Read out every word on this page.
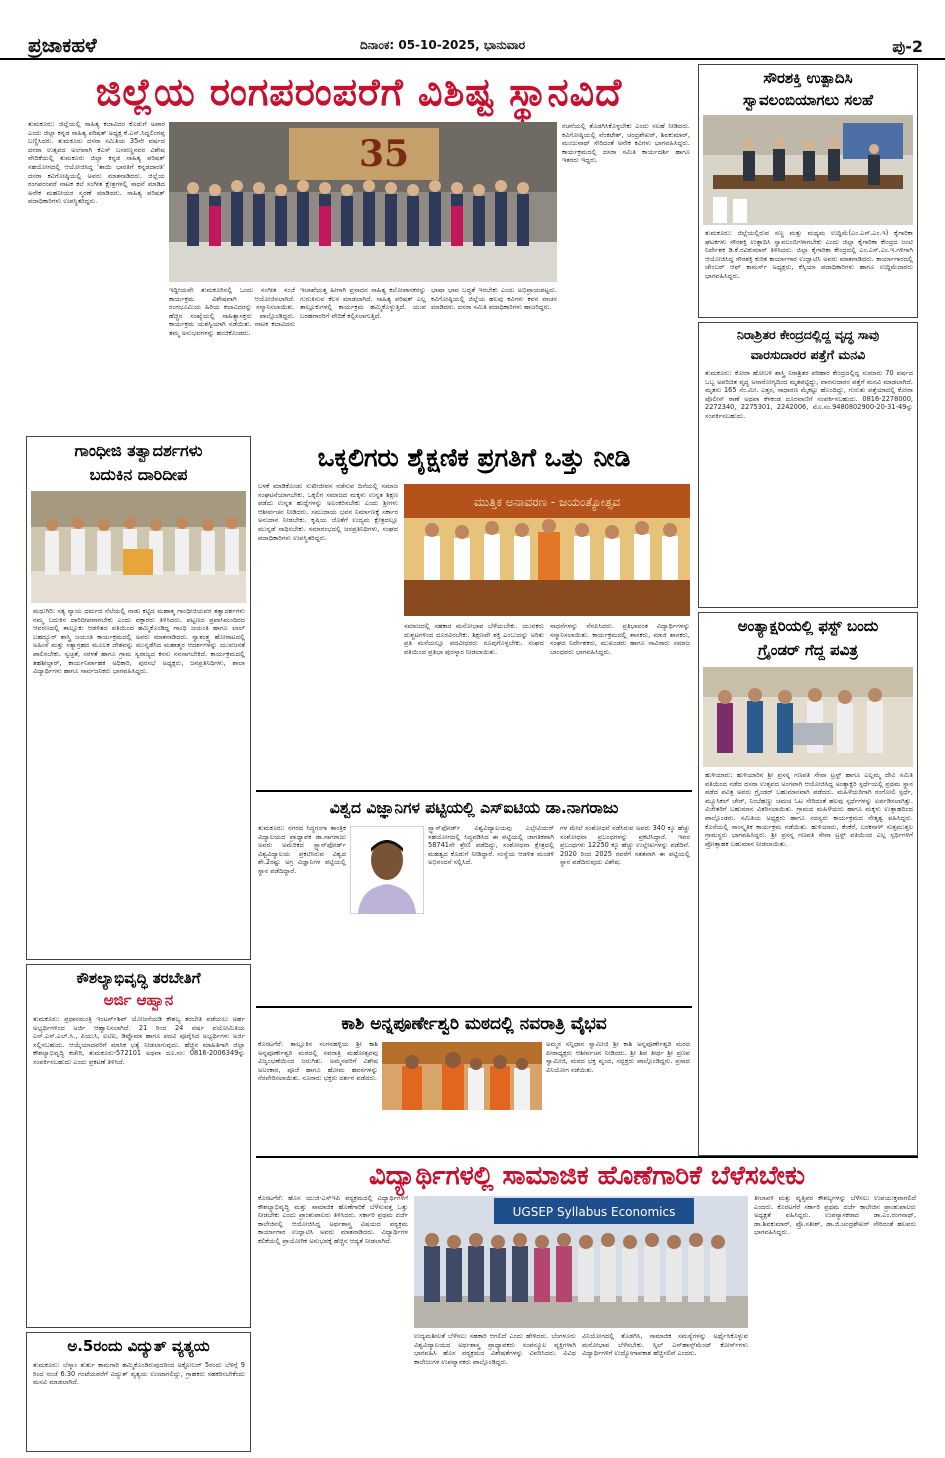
ಪ್ರಜಾಕಹಳೆ	ದಿನಾಂಕ: 05-10-2025, ಭಾನುವಾರ	ಪು-2
ಜಿಲ್ಲೆಯ ರಂಗಪರಂಪರೆಗೆ ವಿಶಿಷ್ಟ ಸ್ಥಾನವಿದೆ
ತುಮಕೂರು: ಜಿಲ್ಲೆಯಲ್ಲಿ ಸಾಹಿತ್ಯ ಕಲಾವಿದರ ಕೊಡುಗೆ ಅಪಾರ ಎಂದು ಜಿಲ್ಲಾ ಕನ್ನಡ ಸಾಹಿತ್ಯ ಪರಿಷತ್ ಅಧ್ಯಕ್ಷ ಕೆ.ಎಸ್.ಸಿದ್ದಲಿಂಗಪ್ಪ ಬಣ್ಣಿಸಿದರು. ತುಮಕೂರು ದಸರಾ ಸಮಿತಿಯ 35ನೇ ವರ್ಷದ ದಸರಾ ಉತ್ಸವದ ಅಂಗವಾಗಿ ಕೆ‌ಎಸ್ ಬಸವಣ್ಣನವರ ವಿಶೇಷ ವೇದಿಕೆಯಲ್ಲಿ ತುಮಕೂರು ಜಿಲ್ಲಾ ಕನ್ನಡ ಸಾಹಿತ್ಯ ಪರಿಷತ್ ಸಹಯೋಗದಲ್ಲಿ ಆಯೋಜಿಸಿದ್ದ 'ತಾಯಿ ಭಾರತಿಗೆ ಕನ್ನಡದಾರತಿ' ದಸರಾ ಕವಿಗೋಷ್ಠಿಯಲ್ಲಿ ಅವರು ಮಾತನಾಡಿದರು. ಜಿಲ್ಲೆಯ ರಂಗಪರಂಪರೆ ನಾಟಕ ಕಲೆ ಸಂಗೀತ ಕ್ಷೇತ್ರಗಳಲ್ಲಿ ಸಾಧನೆ ಮಾಡಿದ ಅನೇಕ ಮಹನೀಯರ ಸ್ಮರಣೆ ಮಾಡಿದರು. ಸಾಹಿತ್ಯ ಪರಿಷತ್ ಪದಾಧಿಕಾರಿಗಳು ಉಪಸ್ಥಿತರಿದ್ದರು.
35
ಇದ್ದೀಯವೇ ತುಮಕೂರಿನಲ್ಲಿ ಒಂದು ಸಂಗೀತ ಸಂಜೆ ಕಾರ್ಯಕ್ರಮ ವಿಶೇಷವಾಗಿ ಆಯೋಜಿಸಲಾಗಿದೆ. ರಂಗಭೂಮಿಯ ಹಿರಿಯ ಕಲಾವಿದರನ್ನು ಸನ್ಮಾನಿಸಲಾಯಿತು. ಹೆಚ್ಚಿನ ಸಂಖ್ಯೆಯಲ್ಲಿ ಸಾಹಿತ್ಯಾಸಕ್ತರು ಪಾಲ್ಗೊಂಡಿದ್ದರು. ಕಾರ್ಯಕ್ರಮ ಯಶಸ್ವಿಯಾಗಿ ನಡೆಯಿತು. ನಾಟಕ ಕಲಾವಿದರು ತಮ್ಮ ಅನುಭವಗಳನ್ನು ಹಂಚಿಕೊಂಡರು.
ಇಲಾಖೆಯತ್ತ ಹೀಗಾಗಿ ಪ್ರಸಾದನ ಸಾಹಿತ್ಯ ಕಲೋಪಾಸಕರನ್ನು ಗುರುತಿಸುವ ಕೆಲಸ ಮಾಡಲಾಗಿದೆ. ಸಾಹಿತ್ಯ ಪರಿಷತ್ ಎಲ್ಲ ತಾಲ್ಲೂಕುಗಳಲ್ಲಿ ಕಾರ್ಯಕ್ರಮ ಹಮ್ಮಿಕೊಳ್ಳುತ್ತಿದೆ. ಯುವ ಬರಹಗಾರರಿಗೆ ವೇದಿಕೆ ಕಲ್ಪಿಸಲಾಗುತ್ತಿದೆ.
ಭಾಷಾ ಭಾವ ಬದ್ಧತೆ ಇರಬೇಕು ಎಂದು ಅಭಿಪ್ರಾಯಪಟ್ಟರು. ಕವಿಗೋಷ್ಠಿಯಲ್ಲಿ ಜಿಲ್ಲೆಯ ಹಲವು ಕವಿಗಳು ಕವನ ವಾಚನ ಮಾಡಿದರು. ದಸರಾ ಸಮಿತಿ ಪದಾಧಿಕಾರಿಗಳು ಹಾಜರಿದ್ದರು.
ರಚನೆಯಲ್ಲಿ ತೊಡಗಿಸಿಕೊಳ್ಳಬೇಕು ಎಂದು ಸಲಹೆ ನೀಡಿದರು. ಕವಿಗೋಷ್ಠಿಯಲ್ಲಿ ವೆಂಕಟೇಶ್, ಚಂದ್ರಶೇಖರ್, ಶಿವಕುಮಾರ್, ಮಂಜುನಾಥ್ ಸೇರಿದಂತೆ ಅನೇಕ ಕವಿಗಳು ಭಾಗವಹಿಸಿದ್ದರು. ಕಾರ್ಯಕ್ರಮದಲ್ಲಿ ದಸರಾ ಸಮಿತಿ ಕಾರ್ಯದರ್ಶಿ ಹಾಗೂ ಇತರರು ಇದ್ದರು.
ಸೌರಶಕ್ತಿ ಉತ್ಪಾದಿಸಿ
ಸ್ವಾವಲಂಬಿಯಾಗಲು ಸಲಹೆ
ತುಮಕೂರು: ಜಿಲ್ಲೆಯಲ್ಲಿರುವ ಸಣ್ಣ ಮತ್ತು ಮಧ್ಯಮ ಉದ್ದಿಮೆ(ಎಂ.ಎಸ್.ಎಂ.ಇ) ಕೈಗಾರಿಕಾ ಘಟಕಗಳು ಸೌರಶಕ್ತಿ ಉತ್ಪಾದಿಸಿ ಸ್ವಾವಲಂಬಿಗಳಾಗಬೇಕು ಎಂದು ಜಿಲ್ಲಾ ಕೈಗಾರಿಕಾ ಕೇಂದ್ರದ ಜಂಟಿ ನಿರ್ದೇಶಕ ಡಿ.ಕೆ.ರವಿಕುಮಾರ್ ತಿಳಿಸಿದರು. ಜಿಲ್ಲಾ ಕೈಗಾರಿಕಾ ಕೇಂದ್ರದಲ್ಲಿ ಎಂ.ಎಸ್.ಎಂ.ಇ.ಗಳಿಗಾಗಿ ಆಯೋಜಿಸಿದ್ದ ಸೌರಶಕ್ತಿ ಕುರಿತ ಕಾರ್ಯಾಗಾರ ಉದ್ಘಾಟಿಸಿ ಅವರು ಮಾತನಾಡಿದರು. ಕಾರ್ಯಾಗಾರದಲ್ಲಿ ಚೇಂಬರ್ ಆಫ್ ಕಾಮರ್ಸ್ ಅಧ್ಯಕ್ಷರು, ಕೆಸ್ಸಿಯಾ ಪದಾಧಿಕಾರಿಗಳು ಹಾಗೂ ಉದ್ದಿಮೆದಾರರು ಭಾಗವಹಿಸಿದ್ದರು.
ನಿರಾಶ್ರಿತರ ಕೇಂದ್ರದಲ್ಲಿದ್ದ ವೃದ್ಧ ಸಾವು
ವಾರಸುದಾರರ ಪತ್ತೆಗೆ ಮನವಿ
ತುಮಕೂರು: ಕೋರಾ ಹೋಬಳಿ ಶಾಸ್ತ್ರಿ ನಿರಾಶ್ರಿತರ ಪರಿಹಾರ ಕೇಂದ್ರದಲ್ಲಿದ್ದ ಸುಮಾರು 70 ವರ್ಷದ ಒಬ್ಬ ಅಪರಿಚಿತ ವೃದ್ಧ ಅನಾರೋಗ್ಯದಿಂದ ಮೃತಪಟ್ಟಿದ್ದು, ವಾರಸುದಾರರ ಪತ್ತೆಗೆ ಮನವಿ ಮಾಡಲಾಗಿದೆ. ಮೃತನು 165 ಸೆಂ.ಮೀ. ಎತ್ತರ, ಸಾಧಾರಣ ಮೈಕಟ್ಟು ಹೊಂದಿದ್ದು, ಗುರುತು ಪತ್ತೆಯಾದಲ್ಲಿ ಕೋರಾ ಪೊಲೀಸ್ ಠಾಣೆ ಅಥವಾ ಕೆಳಕಂಡ ದೂರವಾಣಿಗೆ ಸಂಪರ್ಕಿಸಬಹುದು. 0816-2278000, 2272340, 2275301, 2242006, ಮೊ.ಸಂ.9480802900-20-31-49ನ್ನು ಸಂಪರ್ಕಿಸಬಹುದು.
ಗಾಂಧೀಜಿ ತತ್ವಾದರ್ಶಗಳು
ಬದುಕಿನ ದಾರಿದೀಪ
ಮಧುಗಿರಿ: ಸತ್ಯ ನ್ಯಾಯ ಧರ್ಮದ ನೆಲೆಯಲ್ಲಿ ನಾಡು ಕಟ್ಟಿದ ಮಹಾತ್ಮ ಗಾಂಧೀಜಿಯವರ ತತ್ವಾದರ್ಶಗಳು ನಮ್ಮ ಬದುಕಿನ ದಾರಿದೀಪವಾಗಬೇಕು ಎಂದು ವಕ್ತಾರರು ತಿಳಿಸಿದರು. ಪಟ್ಟಣದ ಪ್ರವಾಸಿಮಂದಿರದ ಆವರಣದಲ್ಲಿ ತಾಲ್ಲೂಕು ಆಡಳಿತದ ವತಿಯಿಂದ ಹಮ್ಮಿಕೊಂಡಿದ್ದ ಗಾಂಧಿ ಜಯಂತಿ ಹಾಗೂ ಲಾಲ್ ಬಹದ್ದೂರ್ ಶಾಸ್ತ್ರಿ ಜಯಂತಿ ಕಾರ್ಯಕ್ರಮದಲ್ಲಿ ಅವರು ಮಾತನಾಡಿದರು. ಸ್ವಾತಂತ್ರ್ಯ ಹೋರಾಟದಲ್ಲಿ ಅಹಿಂಸೆ ಮತ್ತು ಸತ್ಯಾಗ್ರಹದ ಮೂಲಕ ದೇಶವನ್ನು ಮುನ್ನಡೆಸಿದ ಮಹಾತ್ಮರ ಆದರ್ಶಗಳನ್ನು ಯುವಜನತೆ ಪಾಲಿಸಬೇಕು. ಸ್ವಚ್ಛತೆ, ಸರಳತೆ ಹಾಗೂ ಗ್ರಾಮ ಸ್ವರಾಜ್ಯದ ಕನಸು ನನಸಾಗಬೇಕಿದೆ. ಕಾರ್ಯಕ್ರಮದಲ್ಲಿ ತಹಶೀಲ್ದಾರ್, ಕಾರ್ಯನಿರ್ವಾಹಕ ಅಧಿಕಾರಿ, ಪುರಸಭೆ ಅಧ್ಯಕ್ಷರು, ಜನಪ್ರತಿನಿಧಿಗಳು, ಶಾಲಾ ವಿದ್ಯಾರ್ಥಿಗಳು ಹಾಗೂ ಸಾರ್ವಜನಿಕರು ಭಾಗವಹಿಸಿದ್ದರು.
ಒಕ್ಕಲಿಗರು ಶೈಕ್ಷಣಿಕ ಪ್ರಗತಿಗೆ ಒತ್ತು ನೀಡಿ
ಬಳಕೆ ಮಾಡಿಕೊಂಡು ಸುಖೀಜೀವನ ನಡೆಸುವ ದಿಸೆಯಲ್ಲಿ ಸಮಾಜ ಸಂಘಟನೆಯಾಗಬೇಕು. ಒಕ್ಕಲಿಗ ಸಮಾಜದ ಮಕ್ಕಳು ಉನ್ನತ ಶಿಕ್ಷಣ ಪಡೆದು ಉನ್ನತ ಹುದ್ದೆಗಳನ್ನು ಅಲಂಕರಿಸಬೇಕು ಎಂದು ಶ್ರೀಗಳು ಆಶೀರ್ವಚನ ನೀಡಿದರು. ಸಮುದಾಯ ಭವನ ನಿರ್ಮಾಣಕ್ಕೆ ಸರ್ಕಾರ ಅನುದಾನ ನೀಡಬೇಕು. ಕೃಷಿಯ ಜೊತೆಗೆ ಉದ್ಯಮ ಕ್ಷೇತ್ರದಲ್ಲೂ ಮುನ್ನಡೆ ಸಾಧಿಸಬೇಕು. ಸಮಾರಂಭದಲ್ಲಿ ಜನಪ್ರತಿನಿಧಿಗಳು, ಸಂಘದ ಪದಾಧಿಕಾರಿಗಳು ಉಪಸ್ಥಿತರಿದ್ದರು.
ಮುತ್ತಿಕ ಅನಾವರಣ - ಜಯಂತ್ಯೋತ್ಸವ
ಸಮಾಜದಲ್ಲಿ ಸಹಕಾರ ಮನೋಭಾವ ಬೆಳೆಯಬೇಕು. ಯುವಕರು ದುಶ್ಚಟಗಳಿಂದ ದೂರವಿರಬೇಕು. ಶಿಕ್ಷಣವೇ ಶಕ್ತಿ ಎಂಬುದನ್ನು ಅರಿತು ಪ್ರತಿ ಮನೆಯಲ್ಲೂ ಪದವೀಧರರು ರೂಪುಗೊಳ್ಳಬೇಕು. ಸಂಘದ ವತಿಯಿಂದ ಪ್ರತಿಭಾ ಪುರಸ್ಕಾರ ನೀಡಲಾಯಿತು.
ಸಾಧನೆಗಳನ್ನು ನೆನಪಿಸಿದರು. ಪ್ರತಿಭಾವಂತ ವಿದ್ಯಾರ್ಥಿಗಳನ್ನು ಸನ್ಮಾನಿಸಲಾಯಿತು. ಕಾರ್ಯಕ್ರಮದಲ್ಲಿ ಶಾಸಕರು, ಮಾಜಿ ಶಾಸಕರು, ಸಂಘದ ನಿರ್ದೇಶಕರು, ಮುಖಂಡರು ಹಾಗೂ ಸಾವಿರಾರು ಸಮಾಜ ಬಾಂಧವರು ಭಾಗವಹಿಸಿದ್ದರು.
ಅಂತ್ಯಾಕ್ಷರಿಯಲ್ಲಿ ಫಸ್ಟ್ ಬಂದು
ಗ್ರೈಂಡರ್ ಗೆದ್ದ ಪವಿತ್ರ
ಹುಳಿಯಾರು: ಹುಳಿಯಾರಿನ ಶ್ರೀ ಪ್ರಸನ್ನ ಗಣಪತಿ ಸೇವಾ ಟ್ರಸ್ಟ್ ಹಾಗೂ ಎಲ್ಲಮ್ಮ ದೇವಿ ಸಮಿತಿ ವತಿಯಿಂದ ನಡೆದ ದಸರಾ ಉತ್ಸವದ ಅಂಗವಾಗಿ ಆಯೋಜಿಸಿದ್ದ ಅಂತ್ಯಾಕ್ಷರಿ ಸ್ಪರ್ಧೆಯಲ್ಲಿ ಪ್ರಥಮ ಸ್ಥಾನ ಪಡೆದ ಪವಿತ್ರ ಅವರು ಗ್ರೈಂಡರ್ ಬಹುಮಾನವಾಗಿ ಪಡೆದರು. ಮಹಿಳೆಯರಿಗಾಗಿ ರಂಗೋಲಿ ಸ್ಪರ್ಧೆ, ಮ್ಯೂಸಿಕಲ್ ಚೇರ್, ನಿಂಬೆಹಣ್ಣು ಚಮಚ ಓಟ ಸೇರಿದಂತೆ ಹಲವು ಸ್ಪರ್ಧೆಗಳನ್ನು ಏರ್ಪಡಿಸಲಾಗಿತ್ತು. ವಿಜೇತರಿಗೆ ಬಹುಮಾನ ವಿತರಿಸಲಾಯಿತು. ಗ್ರಾಮದ ಮಹಿಳೆಯರು ಹಾಗೂ ಮಕ್ಕಳು ಉತ್ಸಾಹದಿಂದ ಪಾಲ್ಗೊಂಡರು. ಸಮಿತಿಯ ಅಧ್ಯಕ್ಷರು ಹಾಗೂ ಸದಸ್ಯರು ಕಾರ್ಯಕ್ರಮದ ನೇತೃತ್ವ ವಹಿಸಿದ್ದರು. ಕೊನೆಯಲ್ಲಿ ಸಾಂಸ್ಕೃತಿಕ ಕಾರ್ಯಕ್ರಮ ನಡೆಯಿತು. ಹುಳಿಯಾರು, ಕೆಂಕೆರೆ, ಬರಕನಾಳ್ ಸುತ್ತಮುತ್ತಲ ಗ್ರಾಮಸ್ಥರು ಭಾಗವಹಿಸಿದ್ದರು. ಶ್ರೀ ಪ್ರಸನ್ನ ಗಣಪತಿ ಸೇವಾ ಟ್ರಸ್ಟ್ ವತಿಯಿಂದ ಎಲ್ಲ ಸ್ಪರ್ಧಿಗಳಿಗೆ ಪ್ರೋತ್ಸಾಹಕ ಬಹುಮಾನ ನೀಡಲಾಯಿತು.
ವಿಶ್ವದ ವಿಜ್ಞಾನಿಗಳ ಪಟ್ಟಿಯಲ್ಲಿ ಎಸ್‌ಐಟಿಯ ಡಾ.ನಾಗರಾಜು
ತುಮಕೂರು: ನಗರದ ಸಿದ್ಧಗಂಗಾ ತಾಂತ್ರಿಕ ವಿದ್ಯಾಲಯದ ಪ್ರಾಧ್ಯಾಪಕ ಡಾ.ನಾಗರಾಜು ಅವರು ಅಮೆರಿಕದ ಸ್ಟ್ಯಾನ್‌ಫೋರ್ಡ್ ವಿಶ್ವವಿದ್ಯಾಲಯ ಪ್ರಕಟಿಸಿರುವ ವಿಶ್ವದ ಶೇ.2ರಷ್ಟು ಅಗ್ರ ವಿಜ್ಞಾನಿಗಳ ಪಟ್ಟಿಯಲ್ಲಿ ಸ್ಥಾನ ಪಡೆದಿದ್ದಾರೆ.
ಸ್ಟ್ಯಾನ್‌ಫೋರ್ಡ್ ವಿಶ್ವವಿದ್ಯಾಲಯವು ಎಲ್ಸೇವಿಯರ್ ಸಹಯೋಗದಲ್ಲಿ ಸಿದ್ಧಪಡಿಸಿದ ಈ ಪಟ್ಟಿಯಲ್ಲಿ ಜಾಗತಿಕವಾಗಿ 58741ನೇ ಶ್ರೇಣಿ ಪಡೆದಿದ್ದು, ಸಂಶೋಧನಾ ಕ್ಷೇತ್ರದಲ್ಲಿ ಮಹತ್ವದ ಕೊಡುಗೆ ನೀಡಿದ್ದಾರೆ. ಸಂಸ್ಥೆಯ ಆಡಳಿತ ಮಂಡಳಿ ಅಭಿನಂದನೆ ಸಲ್ಲಿಸಿದೆ.
ಗಳ ಮೇಲೆ ಸಂಶೋಧನೆ ನಡೆಸಿರುವ ಅವರು 340 ಕ್ಕೂ ಹೆಚ್ಚು ಸಂಶೋಧನಾ ಪ್ರಬಂಧಗಳನ್ನು ಪ್ರಕಟಿಸಿದ್ದಾರೆ. ಇವರ ಪ್ರಬಂಧಗಳು 12250 ಕ್ಕೂ ಹೆಚ್ಚು ಉಲ್ಲೇಖಗಳನ್ನು ಪಡೆದಿವೆ. 2020 ರಿಂದ 2025 ರವರೆಗೆ ಸತತವಾಗಿ ಈ ಪಟ್ಟಿಯಲ್ಲಿ ಸ್ಥಾನ ಪಡೆದಿರುವುದು ವಿಶೇಷ.
ಕೌಶಲ್ಯಾಭಿವೃದ್ಧಿ ತರಬೇತಿಗೆ
ಅರ್ಜಿ ಆಹ್ವಾನ
ತುಮಕೂರು: ಪ್ರಧಾನಮಂತ್ರಿ ಇಂಟರ್ನ್‌ಶಿಪ್ ಯೋಜನೆಯಡಿ ಕೌಶಲ್ಯ ತರಬೇತಿ ಪಡೆಯಲು ಅರ್ಹ ಅಭ್ಯರ್ಥಿಗಳಿಂದ ಅರ್ಜಿ ಆಹ್ವಾನಿಸಲಾಗಿದೆ. 21 ರಿಂದ 24 ವರ್ಷ ವಯೋಮಿತಿಯ ಎಸ್.ಎಸ್.ಎಲ್.ಸಿ., ಪಿಯುಸಿ, ಐಟಿಐ, ಡಿಪ್ಲೊಮಾ ಹಾಗೂ ಪದವಿ ಪೂರೈಸಿದ ಅಭ್ಯರ್ಥಿಗಳು ಅರ್ಜಿ ಸಲ್ಲಿಸಬಹುದು. ಆಯ್ಕೆಯಾದವರಿಗೆ ಮಾಸಿಕ ಭತ್ಯೆ ನೀಡಲಾಗುವುದು. ಹೆಚ್ಚಿನ ಮಾಹಿತಿಗಾಗಿ ಜಿಲ್ಲಾ ಕೌಶಲ್ಯಾಭಿವೃದ್ಧಿ ಕಚೇರಿ, ತುಮಕೂರು-572101 ಅಥವಾ ದೂ.ಸಂ: 0816-2006349ನ್ನು ಸಂಪರ್ಕಿಸಬಹುದು ಎಂದು ಪ್ರಕಟಣೆ ತಿಳಿಸಿದೆ.
ಕಾಶಿ ಅನ್ನಪೂರ್ಣೇಶ್ವರಿ ಮಠದಲ್ಲಿ ನವರಾತ್ರಿ ವೈಭವ
ಕೊರಟಗೆರೆ: ತಾಲ್ಲೂಕಿನ ಸಂಗನಹಳ್ಳಿಯ ಶ್ರೀ ಕಾಶಿ ಅನ್ನಪೂರ್ಣೇಶ್ವರಿ ಮಠದಲ್ಲಿ ನವರಾತ್ರಿ ಮಹೋತ್ಸವವು ವಿಜೃಂಭಣೆಯಿಂದ ಜರುಗಿತು. ಅಮ್ಮನವರಿಗೆ ವಿಶೇಷ ಅಲಂಕಾರ, ಪೂಜೆ ಹಾಗೂ ಹೋಮ ಹವನಗಳನ್ನು ನೆರವೇರಿಸಲಾಯಿತು. ನೂರಾರು ಭಕ್ತರು ದರ್ಶನ ಪಡೆದರು.
ಅಮ್ಮನ ಸನ್ನಿಧಾನ ಸ್ವಾಮೀಜಿ ಶ್ರೀ ಕಾಶಿ ಅನ್ನಪೂರ್ಣೇಶ್ವರಿ ಮಠದ ಪೀಠಾಧ್ಯಕ್ಷರು ಆಶೀರ್ವಚನ ನೀಡಿದರು. ಶ್ರೀ ಶಿವ ತೀರ್ಥ ಶ್ರೀ ಪ್ರಣವ ಸ್ವಾಮೀಜಿ, ಮಠದ ಭಕ್ತ ವೃಂದ, ಸದ್ಭಕ್ತರು ಪಾಲ್ಗೊಂಡಿದ್ದರು. ಪ್ರಸಾದ ವಿನಿಯೋಗ ನಡೆಯಿತು.
ವಿದ್ಯಾರ್ಥಿಗಳಲ್ಲಿ ಸಾಮಾಜಿಕ ಹೊಣೆಗಾರಿಕೆ ಬೆಳೆಸಬೇಕು
ಕೊರಟಗೆರೆ: ಹೊಸ ಯುಜಿ-ಎಸ್‌ಇಪಿ ಪಠ್ಯಕ್ರಮದಲ್ಲಿ ವಿದ್ಯಾರ್ಥಿಗಳಿಗೆ ಕೌಶಲ್ಯಾಭಿವೃದ್ಧಿ ಮತ್ತು ಸಾಮಾಜಿಕ ಹೊಣೆಗಾರಿಕೆ ಬೆಳೆಸುವತ್ತ ಒತ್ತು ನೀಡಬೇಕು ಎಂದು ಪ್ರಾಂಶುಪಾಲರು ತಿಳಿಸಿದರು. ಸರ್ಕಾರಿ ಪ್ರಥಮ ದರ್ಜೆ ಕಾಲೇಜಿನಲ್ಲಿ ಆಯೋಜಿಸಿದ್ದ ಅರ್ಥಶಾಸ್ತ್ರ ವಿಷಯದ ಪಠ್ಯಕ್ರಮ ಕಾರ್ಯಾಗಾರ ಉದ್ಘಾಟಿಸಿ ಅವರು ಮಾತನಾಡಿದರು. ವಿದ್ಯಾರ್ಥಿಗಳ ಕಲಿಕೆಯಲ್ಲಿ ಪ್ರಾಯೋಗಿಕ ಅನುಭವಕ್ಕೆ ಹೆಚ್ಚಿನ ಆದ್ಯತೆ ನೀಡಲಾಗಿದೆ.
UGSEP Syllabus Economics
ಉದ್ಯಮಶೀಲತೆ ಬೆಳೆಸಲು ಸಹಕಾರಿ ಆಗಲಿದೆ ಎಂದು ಹೇಳಿದರು. ಬೆಂಗಳೂರು ವಿಶ್ವವಿದ್ಯಾಲಯದ ಅರ್ಥಶಾಸ್ತ್ರ ಪ್ರಾಧ್ಯಾಪಕರು ಸಂಪನ್ಮೂಲ ವ್ಯಕ್ತಿಗಳಾಗಿ ಭಾಗವಹಿಸಿ ಹೊಸ ಪಠ್ಯಕ್ರಮದ ವಿಶೇಷತೆಗಳನ್ನು ವಿವರಿಸಿದರು. ವಿವಿಧ ಕಾಲೇಜುಗಳ ಉಪನ್ಯಾಸಕರು ಪಾಲ್ಗೊಂಡಿದ್ದರು.
ವಿನಿಯೋಗದಲ್ಲಿ ತೊಡಗಿಸಿ, ಸಾಮಾಜಿಕ ಸಮಸ್ಯೆಗಳನ್ನು ಅರ್ಥೈಸಿಕೊಳ್ಳುವ ಮನೋಭಾವ ಬೆಳೆಸಬೇಕು. ಸ್ಕಿಲ್ ಎನ್‌ಹಾನ್ಸ್‌ಮೆಂಟ್ ಕೋರ್ಸ್‌ಗಳು ವಿದ್ಯಾರ್ಥಿಗಳಿಗೆ ಉದ್ಯೋಗಾವಕಾಶ ಹೆಚ್ಚಿಸಲಿವೆ ಎಂದರು.
ತೀಲಾವಳಿ ಮತ್ತು ವೃತ್ತಿಪರ ಕೌಶಲ್ಯಗಳನ್ನು ಬೆಳೆಸಲು ಉಪಯುಕ್ತವಾಗಲಿದೆ ಎಂದರು. ಕೊರಟಗೆರೆ ಸರ್ಕಾರಿ ಪ್ರಥಮ ದರ್ಜೆ ಕಾಲೇಜಿನ ಪ್ರಾಂಶುಪಾಲರು ಅಧ್ಯಕ್ಷತೆ ವಹಿಸಿದ್ದರು. ಉಪನ್ಯಾಸಕರಾದ ಡಾ.ಎಂ.ರಂಗನಾಥ್, ಡಾ.ಶಿವಕುಮಾರ್, ಪ್ರೊ.ಸತೀಶ್, ಡಾ.ಜಿ.ಚಂದ್ರಶೇಖರ್ ಸೇರಿದಂತೆ ಹಲವರು ಭಾಗವಹಿಸಿದ್ದರು.
ಅ.5ರಂದು ವಿದ್ಯುತ್ ವ್ಯತ್ಯಯ
ತುಮಕೂರು: ಬೆಸ್ಕಾಂ ತುರ್ತು ಕಾಮಗಾರಿ ಹಮ್ಮಿಕೊಂಡಿರುವುದರಿಂದ ಅಕ್ಟೋಬರ್ 5ರಂದು ಬೆಳಿಗ್ಗೆ 9 ರಿಂದ ಸಂಜೆ 6.30 ಗಂಟೆಯವರೆಗೆ ವಿದ್ಯುತ್ ವ್ಯತ್ಯಯ ಉಂಟಾಗಲಿದ್ದು, ಗ್ರಾಹಕರು ಸಹಕರಿಸಬೇಕೆಂದು ಮನವಿ ಮಾಡಲಾಗಿದೆ.
